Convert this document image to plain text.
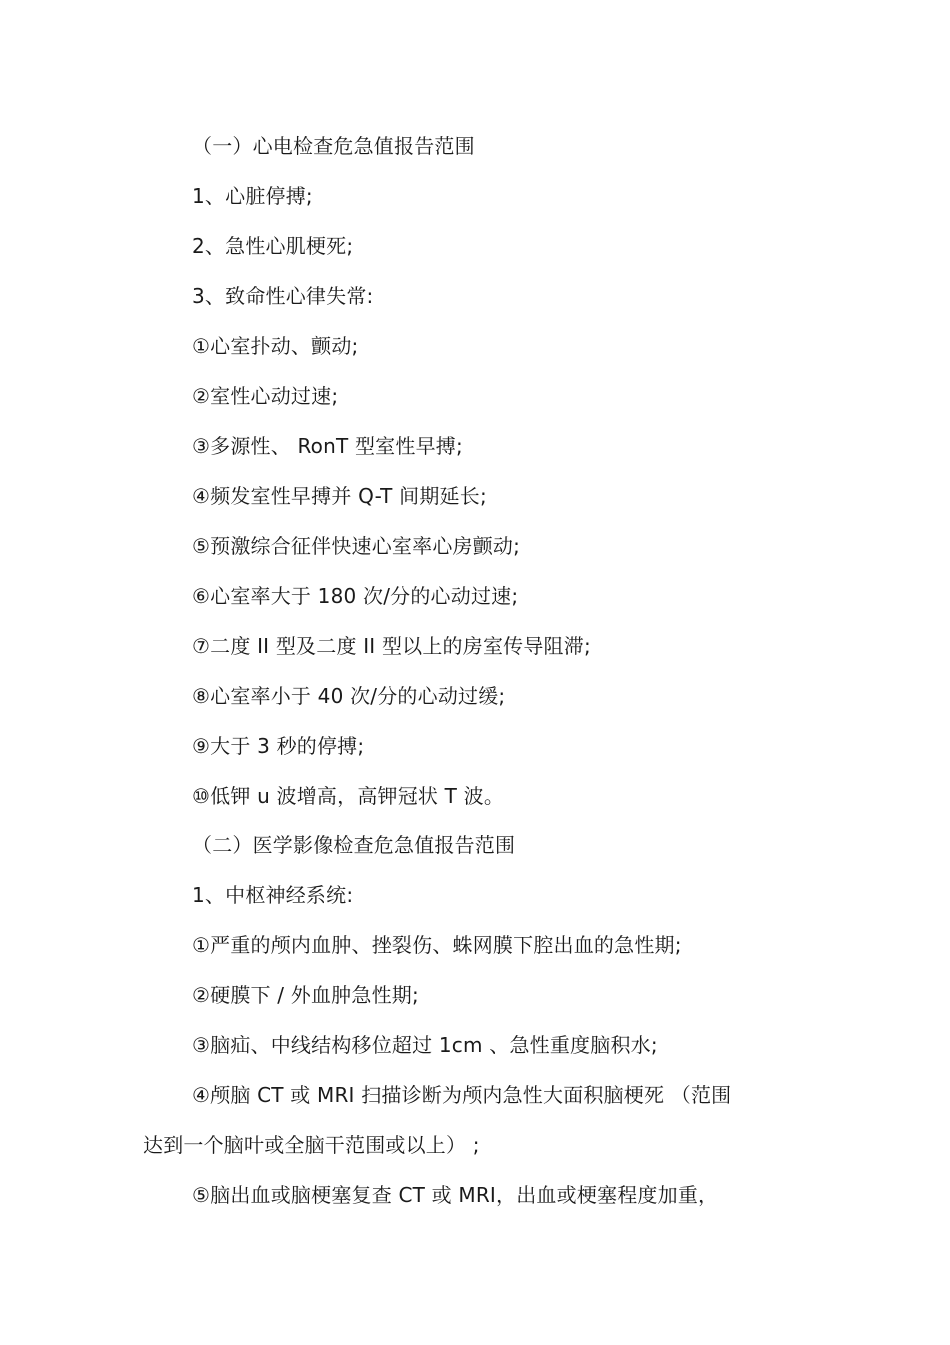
（一）心电检查危急值报告范围
1、心脏停搏;
2、急性心肌梗死;
3、致命性心律失常:
①心室扑动、颤动;
②室性心动过速;
③多源性、 RonT 型室性早搏;
④频发室性早搏并 Q-T 间期延长;
⑤预激综合征伴快速心室率心房颤动;
⑥心室率大于 180 次/分的心动过速;
⑦二度 II 型及二度 II 型以上的房室传导阻滞;
⑧心室率小于 40 次/分的心动过缓;
⑨大于 3 秒的停搏;
⑩低钾 u 波增高，高钾冠状 T 波。
（二）医学影像检查危急值报告范围
1、中枢神经系统:
①严重的颅内血肿、挫裂伤、蛛网膜下腔出血的急性期;
②硬膜下 / 外血肿急性期;
③脑疝、中线结构移位超过 1cm 、急性重度脑积水;
④颅脑 CT 或 MRI 扫描诊断为颅内急性大面积脑梗死 （范围
达到一个脑叶或全脑干范围或以上） ;
⑤脑出血或脑梗塞复查 CT 或 MRI，出血或梗塞程度加重，
